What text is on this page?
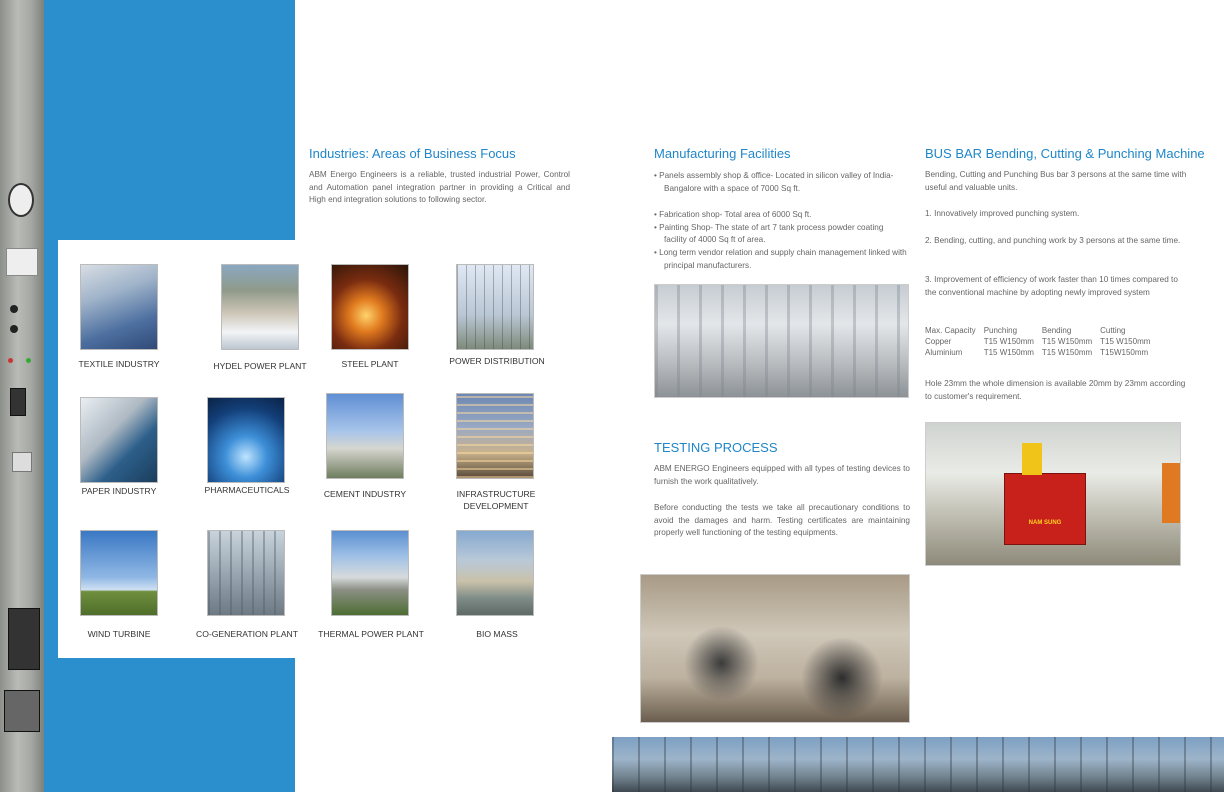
Industries: Areas of Business Focus

ABM Energo Engineers is a reliable, trusted industrial Power, Control and Automation panel integration partner in providing a Critical and High end integration solutions to following sector.

TEXTILE INDUSTRY	HYDEL POWER PLANT	STEEL PLANT	POWER DISTRIBUTION
PAPER INDUSTRY	PHARMACEUTICALS	CEMENT INDUSTRY	INFRASTRUCTURE DEVELOPMENT
WIND TURBINE	CO-GENERATION PLANT	THERMAL POWER PLANT	BIO MASS
Manufacturing Facilities
• Panels assembly shop & office- Located in silicon valley of India-Bangalore with a space of 7000 Sq ft.
• Fabrication shop- Total area of 6000 Sq ft.
• Painting Shop- The state of art 7 tank process powder coating facility of 4000 Sq ft of area.
• Long term vendor relation and supply chain management linked with principal manufacturers.
TESTING PROCESS

ABM ENERGO Engineers equipped with all types of testing devices to furnish the work qualitatively.

Before conducting the tests we take all precautionary conditions to avoid the damages and harm. Testing certificates are maintaining properly well functioning of the testing equipments.

BUS BAR Bending, Cutting & Punching Machine

Bending, Cutting and Punching Bus bar 3 persons at the same time with useful and valuable units.

1. Innovatively improved punching system.

2. Bending, cutting, and punching work by 3 persons at the same time.

3. Improvement of efficiency of work faster than 10 times compared to the conventional machine by adopting newly improved system

Max. Capacity	Punching	Bending	Cutting
Copper	T15 W150mm	T15 W150mm	T15 W150mm
Aluminium	T15 W150mm	T15 W150mm	T15W150mm

Hole 23mm the whole dimension is available 20mm by 23mm according to customer's requirement.

NAM SUNG
